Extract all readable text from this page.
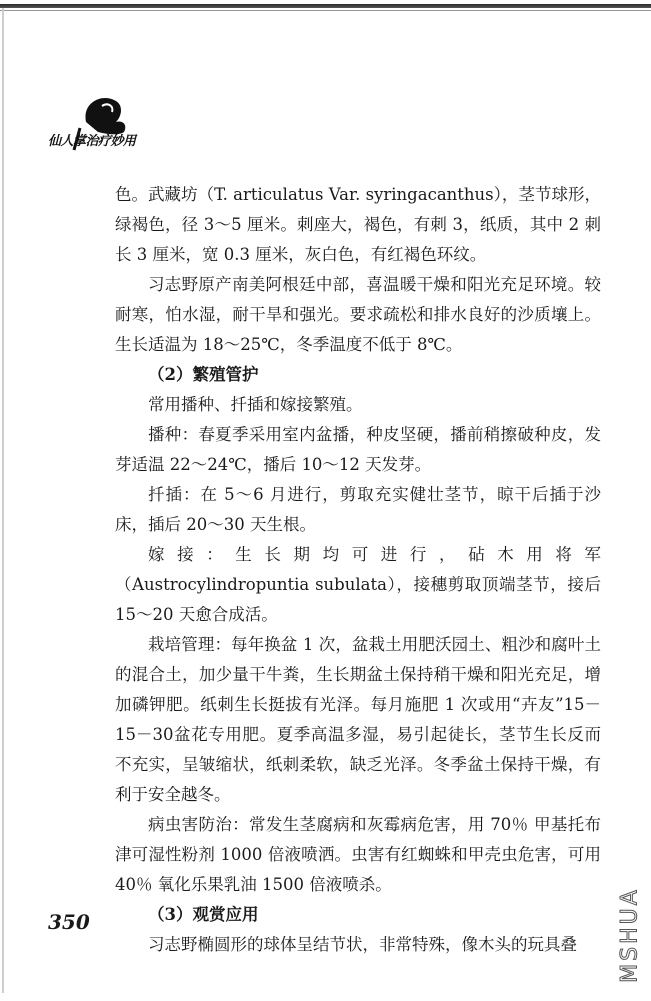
仙人掌治疗妙用

色。武藏坊（T. articulatus Var. syringacanthus），茎节球形，绿褐色，径 3～5 厘米。刺座大，褐色，有刺 3，纸质，其中 2 刺长 3 厘米，宽 0.3 厘米，灰白色，有红褐色环纹。

习志野原产南美阿根廷中部，喜温暖干燥和阳光充足环境。较耐寒，怕水湿，耐干旱和强光。要求疏松和排水良好的沙质壤上。生长适温为 18～25℃，冬季温度不低于 8℃。

（2）繁殖管护

常用播种、扦插和嫁接繁殖。

播种：春夏季采用室内盆播，种皮坚硬，播前稍擦破种皮，发芽适温 22～24℃，播后 10～12 天发芽。

扦插：在 5～6 月进行，剪取充实健壮茎节，晾干后插于沙床，插后 20～30 天生根。

嫁接：生长期均可进行，砧木用将军（Austrocylindropuntia subulata），接穗剪取顶端茎节，接后 15～20 天愈合成活。

栽培管理：每年换盆 1 次，盆栽土用肥沃园土、粗沙和腐叶土的混合土，加少量干牛粪，生长期盆土保持稍干燥和阳光充足，增加磷钾肥。纸刺生长挺拔有光泽。每月施肥 1 次或用“卉友”15－15－30盆花专用肥。夏季高温多湿，易引起徒长，茎节生长反而不充实，呈皱缩状，纸刺柔软，缺乏光泽。冬季盆土保持干燥，有利于安全越冬。

病虫害防治：常发生茎腐病和灰霉病危害，用 70％ 甲基托布津可湿性粉剂 1000 倍液喷洒。虫害有红蜘蛛和甲壳虫危害，可用 40％ 氧化乐果乳油 1500 倍液喷杀。

（3）观赏应用

习志野椭圆形的球体呈结节状，非常特殊，像木头的玩具叠

350	MSHUA
